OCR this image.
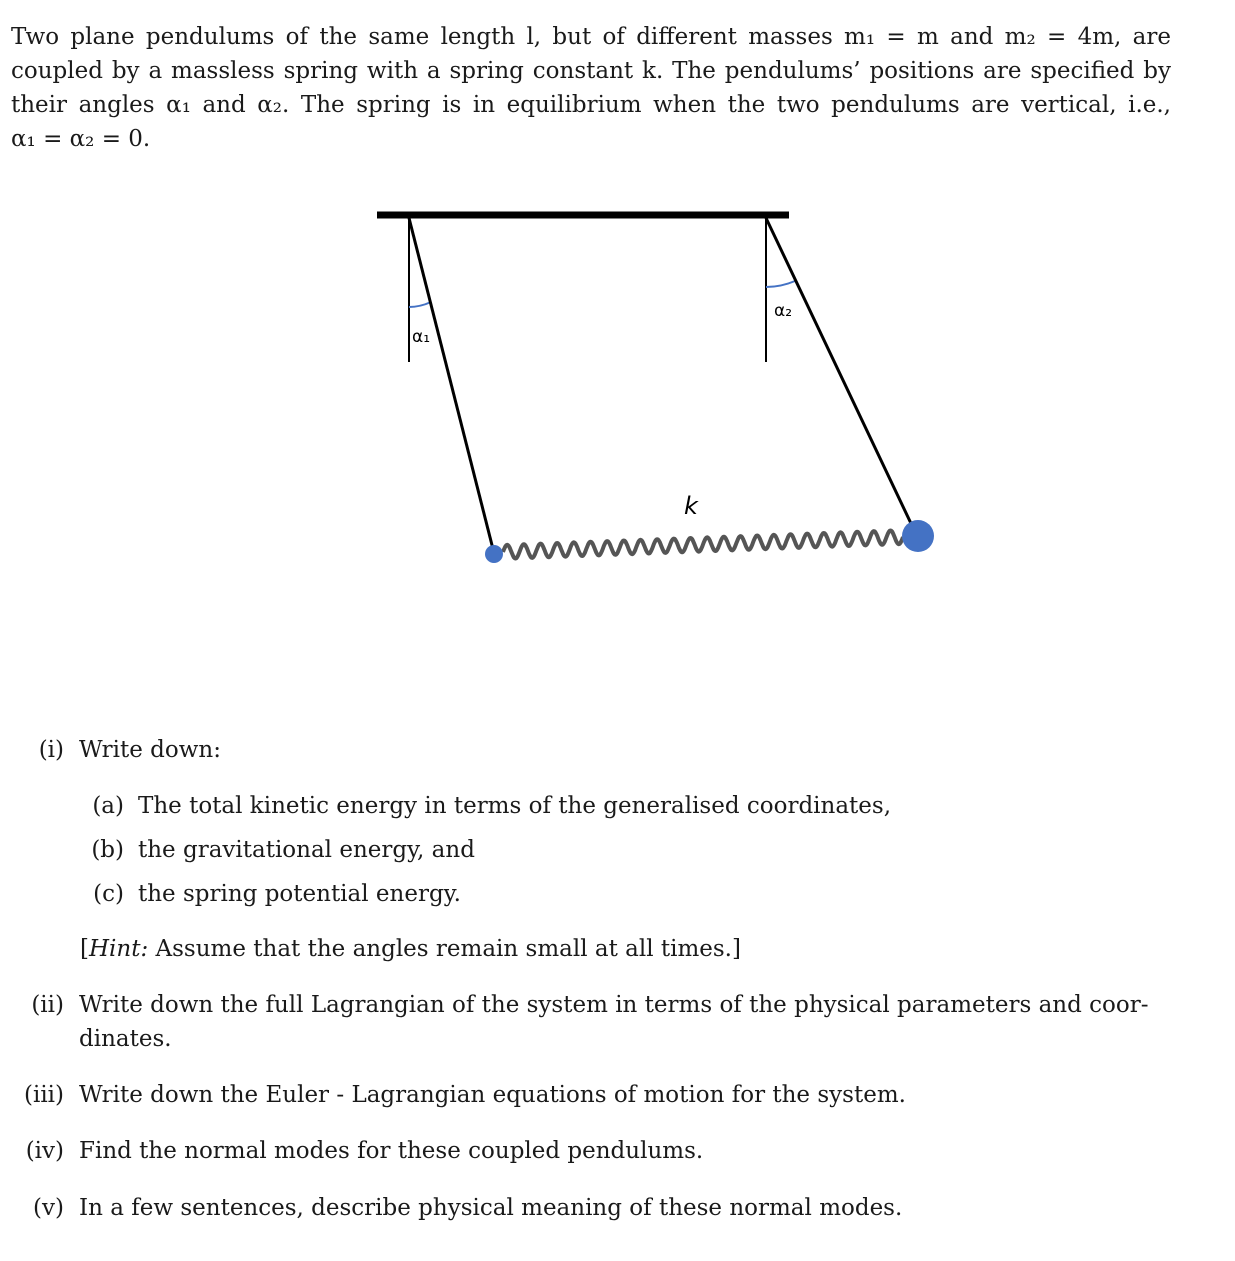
Two plane pendulums of the same length l, but of different masses m₁ = m and m₂ = 4m, are
coupled by a massless spring with a spring constant k. The pendulums’ positions are specified by
their angles α₁ and α₂. The spring is in equilibrium when the two pendulums are vertical, i.e.,
α₁ = α₂ = 0.
α₁
α₂
k
(i) Write down:
(a) The total kinetic energy in terms of the generalised coordinates,
(b) the gravitational energy, and
(c) the spring potential energy.
[Hint: Assume that the angles remain small at all times.]
(ii) Write down the full Lagrangian of the system in terms of the physical parameters and coor-
dinates.
(iii) Write down the Euler - Lagrangian equations of motion for the system.
(iv) Find the normal modes for these coupled pendulums.
(v) In a few sentences, describe physical meaning of these normal modes.
